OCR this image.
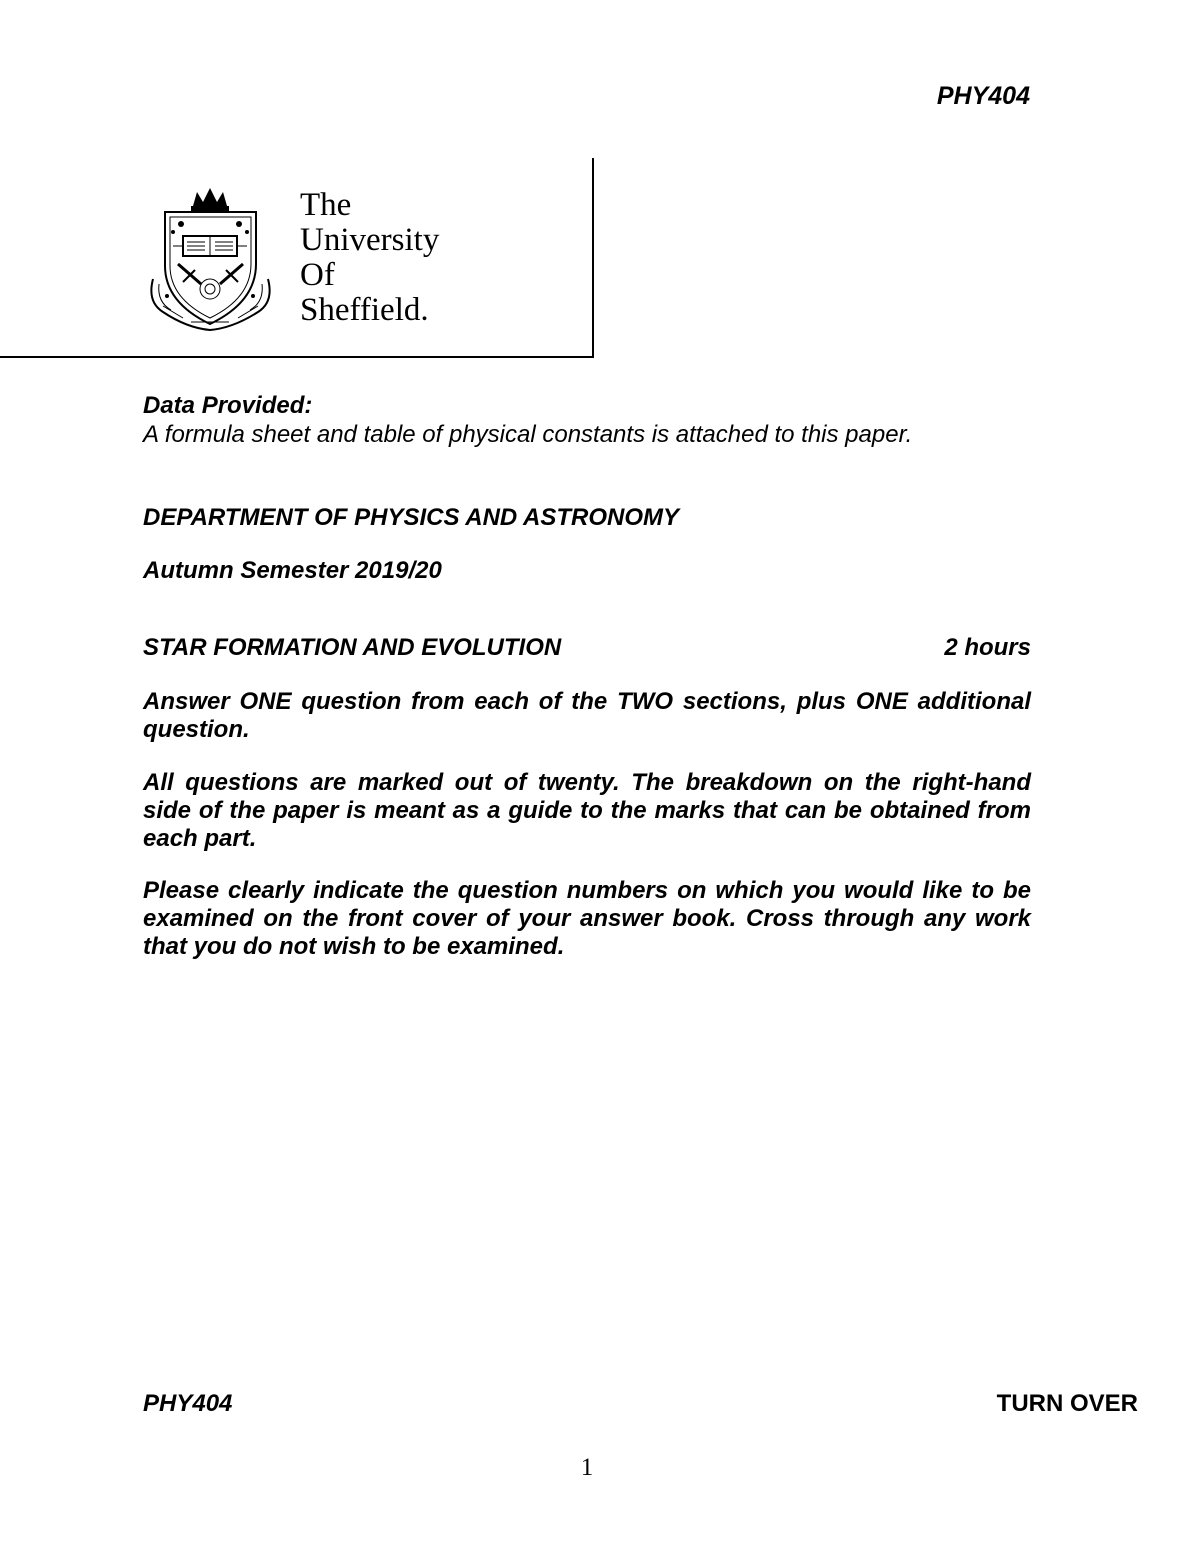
PHY404
The
University
Of
Sheffield.
Data Provided:
A formula sheet and table of physical constants is attached to this paper.
DEPARTMENT OF PHYSICS AND ASTRONOMY
Autumn Semester 2019/20
STAR FORMATION AND EVOLUTION	2 hours
Answer ONE question from each of the TWO sections, plus ONE additional question.
All questions are marked out of twenty. The breakdown on the right-hand side of the paper is meant as a guide to the marks that can be obtained from each part.
Please clearly indicate the question numbers on which you would like to be examined on the front cover of your answer book. Cross through any work that you do not wish to be examined.
PHY404	TURN OVER
1
